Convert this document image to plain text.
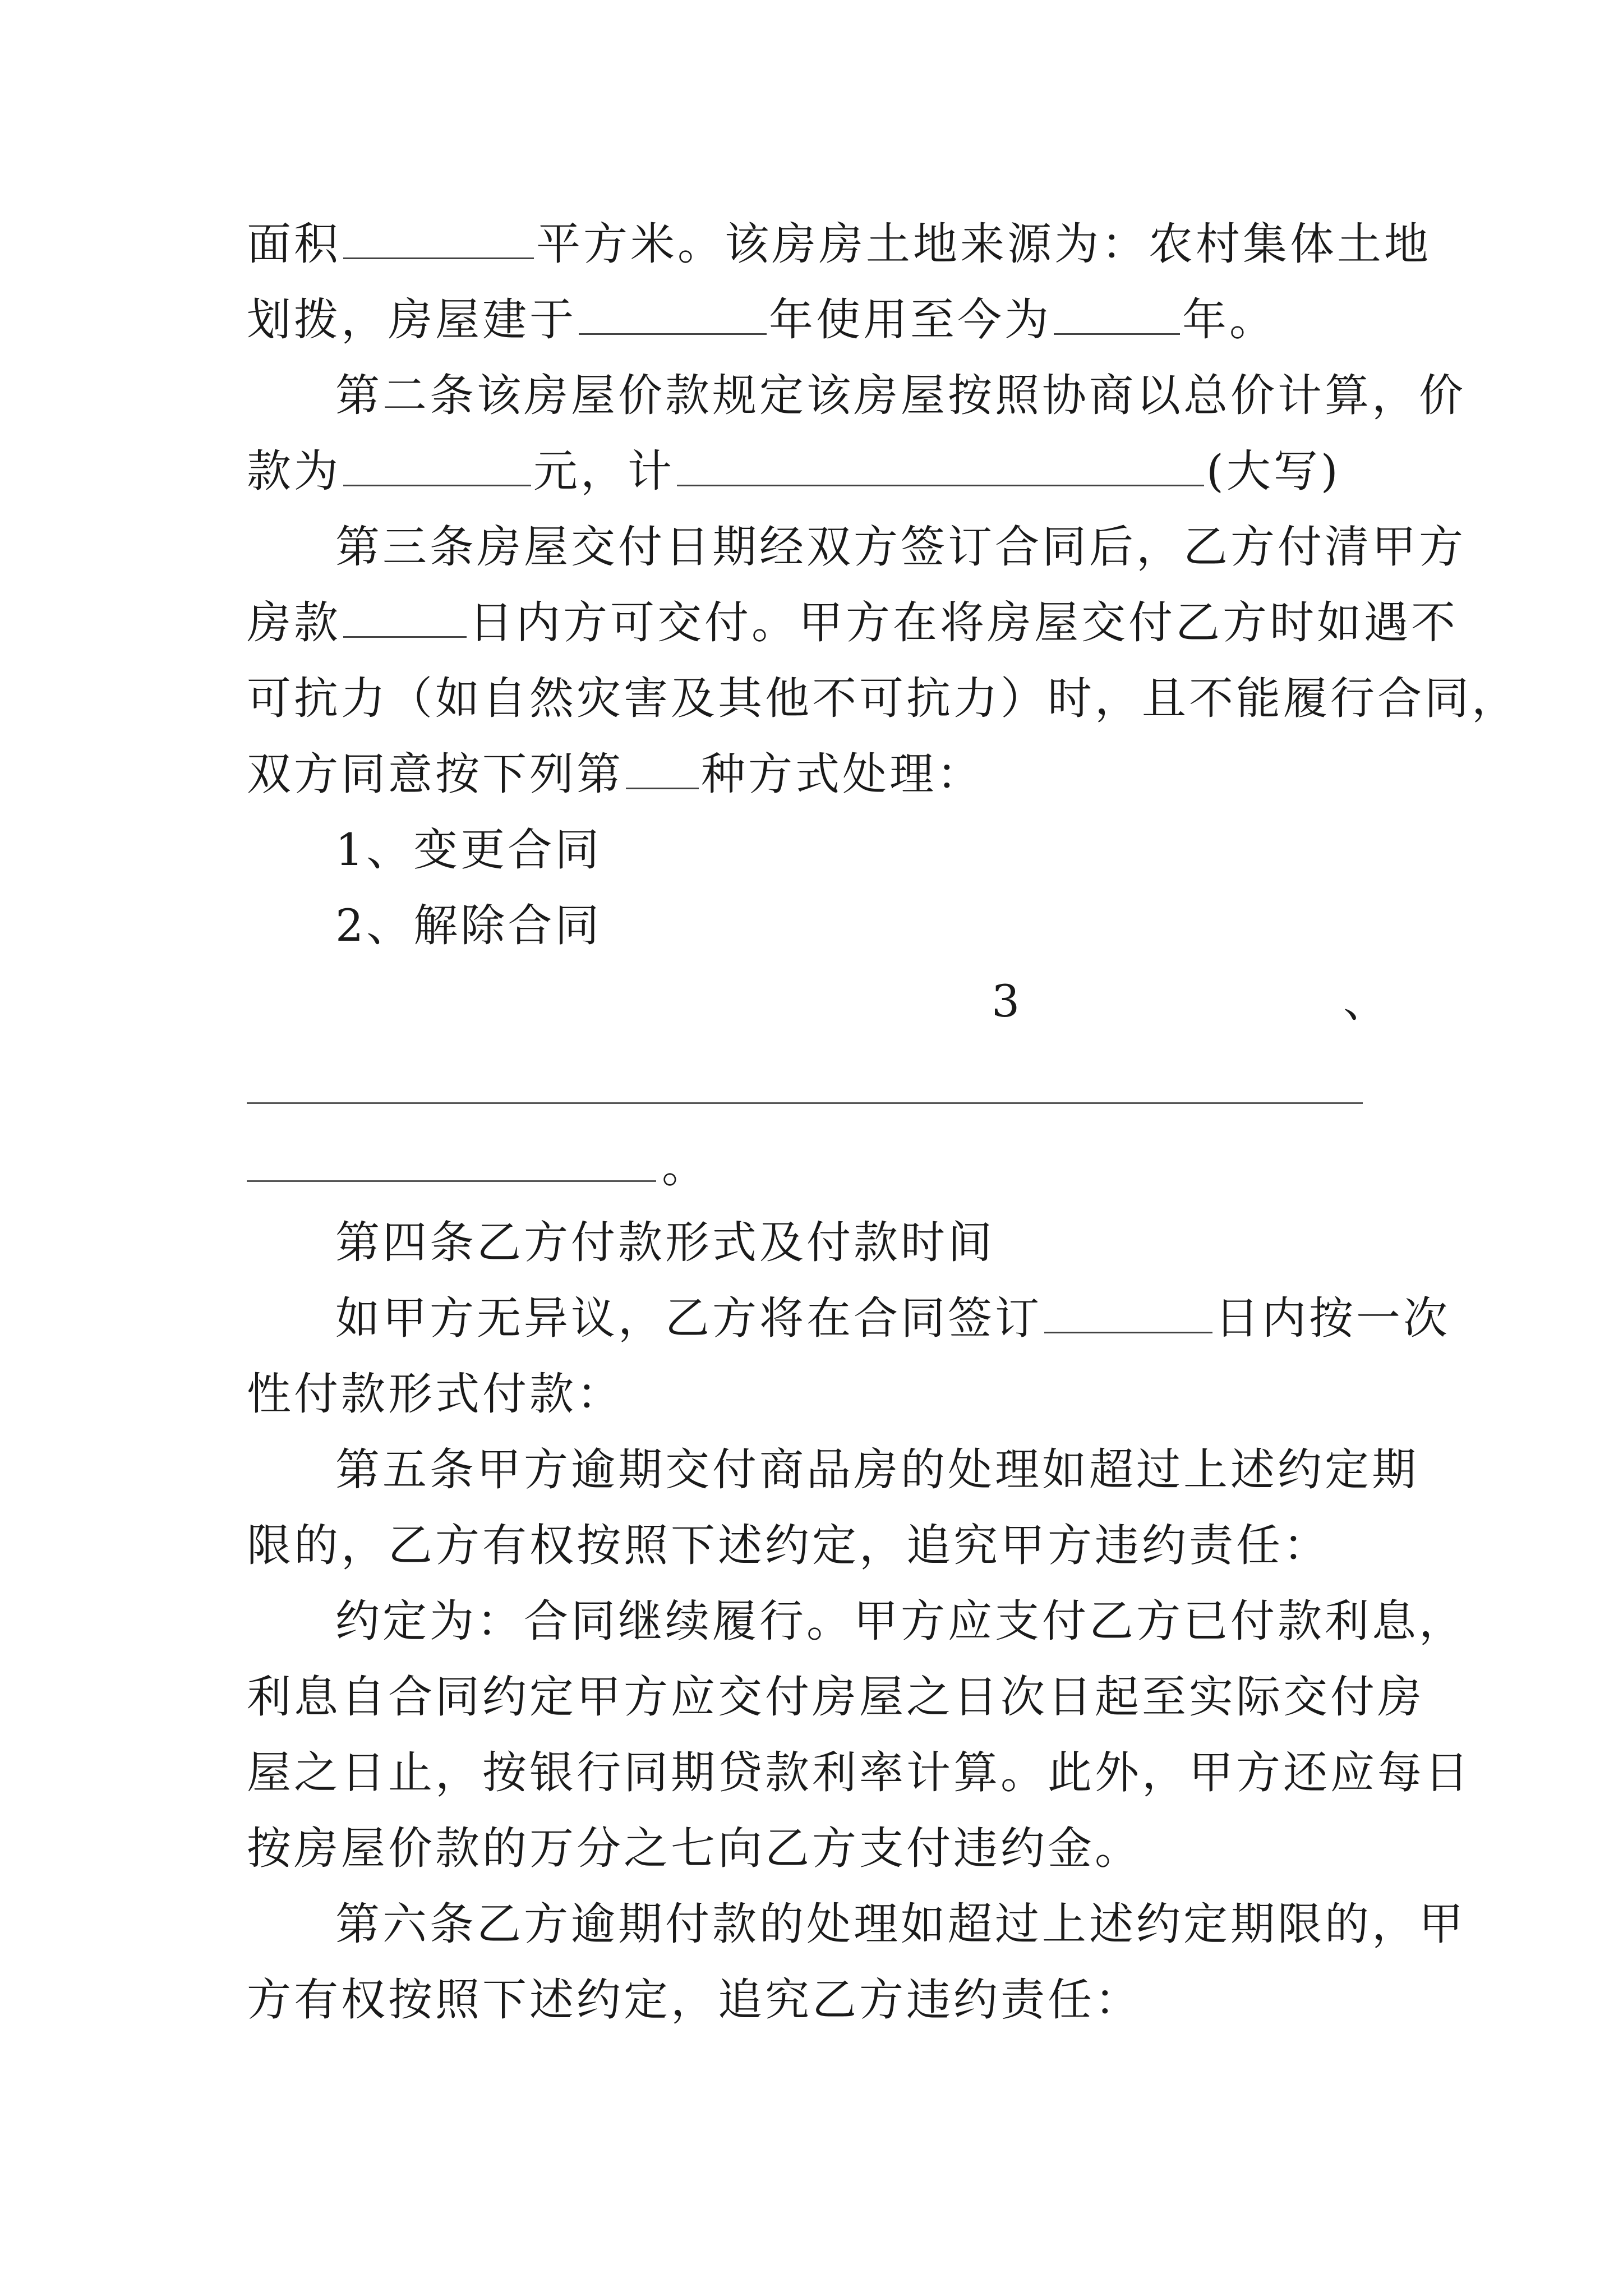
面积	平方米。该房房土地来源为：农村集体土地
划拨，房屋建于	年使用至今为	年。
第二条该房屋价款规定该房屋按照协商以总价计算，价
款为	元，计	(大写)
第三条房屋交付日期经双方签订合同后，乙方付清甲方
房款	日内方可交付。甲方在将房屋交付乙方时如遇不
可抗力（如自然灾害及其他不可抗力）时，且不能履行合同，
双方同意按下列第 种方式处理：
1、变更合同
2、解除合同
3	、
。
第四条乙方付款形式及付款时间
如甲方无异议，乙方将在合同签订	日内按一次
性付款形式付款：
第五条甲方逾期交付商品房的处理如超过上述约定期
限的，乙方有权按照下述约定，追究甲方违约责任：
约定为：合同继续履行。甲方应支付乙方已付款利息，
利息自合同约定甲方应交付房屋之日次日起至实际交付房
屋之日止，按银行同期贷款利率计算。此外，甲方还应每日
按房屋价款的万分之七向乙方支付违约金。
第六条乙方逾期付款的处理如超过上述约定期限的，甲
方有权按照下述约定，追究乙方违约责任：
